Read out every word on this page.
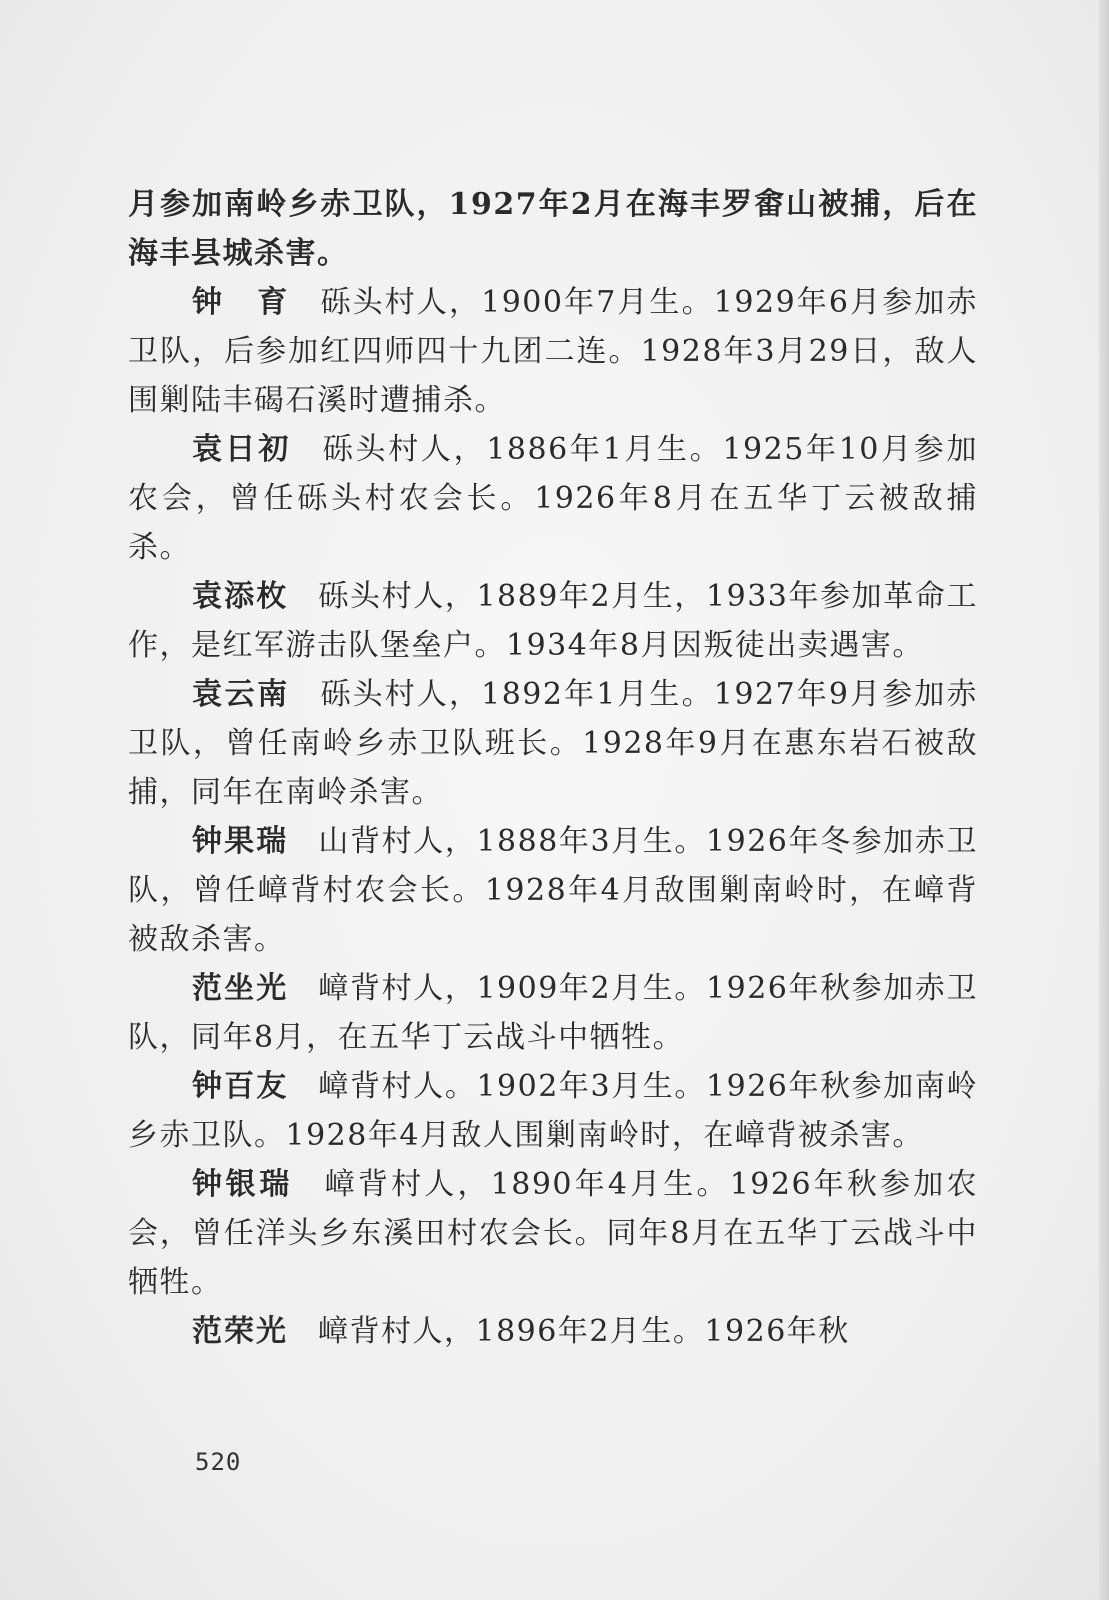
月参加南岭乡赤卫队，1927年2月在海丰罗畬山被捕，后在海丰县城杀害。

钟　育 砾头村人，1900年7月生。1929年6月参加赤卫队，后参加红四师四十九团二连。1928年3月29日，敌人围剿陆丰碣石溪时遭捕杀。

袁日初 砾头村人，1886年1月生。1925年10月参加农会，曾任砾头村农会长。1926年8月在五华丁云被敌捕杀。

袁添枚 砾头村人，1889年2月生，1933年参加革命工作，是红军游击队堡垒户。1934年8月因叛徒出卖遇害。

袁云南 砾头村人，1892年1月生。1927年9月参加赤卫队，曾任南岭乡赤卫队班长。1928年9月在惠东岩石被敌捕，同年在南岭杀害。

钟果瑞 山背村人，1888年3月生。1926年冬参加赤卫队，曾任嶂背村农会长。1928年4月敌围剿南岭时，在嶂背被敌杀害。

范坐光 嶂背村人，1909年2月生。1926年秋参加赤卫队，同年8月，在五华丁云战斗中牺牲。

钟百友 嶂背村人。1902年3月生。1926年秋参加南岭乡赤卫队。1928年4月敌人围剿南岭时，在嶂背被杀害。

钟银瑞 嶂背村人，1890年4月生。1926年秋参加农会，曾任洋头乡东溪田村农会长。同年8月在五华丁云战斗中牺牲。

范荣光 嶂背村人，1896年2月生。1926年秋

520
